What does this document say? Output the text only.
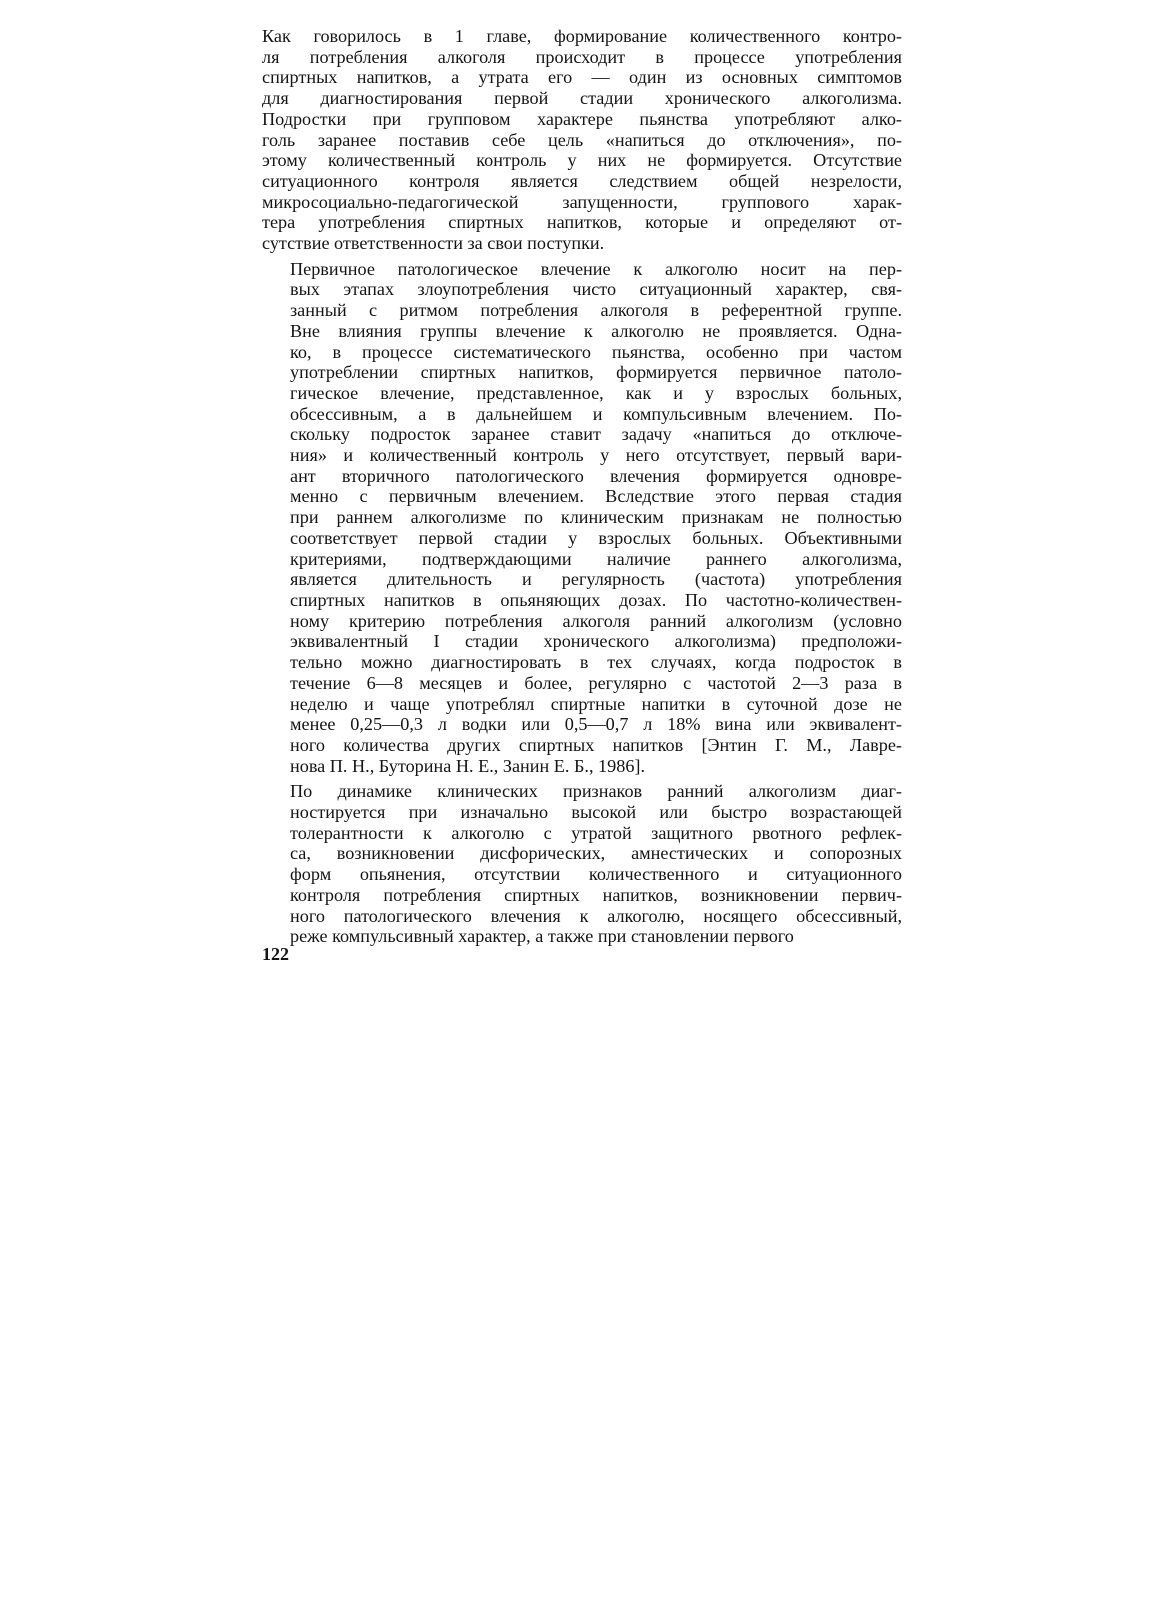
Как говорилось в 1 главе, формирование количественного контро-
ля потребления алкоголя происходит в процессе употребления
спиртных напитков, а утрата его — один из основных симптомов
для диагностирования первой стадии хронического алкоголизма.
Подростки при групповом характере пьянства употребляют алко-
голь заранее поставив себе цель «напиться до отключения», по-
этому количественный контроль у них не формируется. Отсутствие
ситуационного контроля является следствием общей незрелости,
микросоциально-педагогической запущенности, группового харак-
тера употребления спиртных напитков, которые и определяют от-
сутствие ответственности за свои поступки.
Первичное патологическое влечение к алкоголю носит на пер-
вых этапах злоупотребления чисто ситуационный характер, свя-
занный с ритмом потребления алкоголя в референтной группе.
Вне влияния группы влечение к алкоголю не проявляется. Одна-
ко, в процессе систематического пьянства, особенно при частом
употреблении спиртных напитков, формируется первичное патоло-
гическое влечение, представленное, как и у взрослых больных,
обсессивным, а в дальнейшем и компульсивным влечением. По-
скольку подросток заранее ставит задачу «напиться до отключе-
ния» и количественный контроль у него отсутствует, первый вари-
ант вторичного патологического влечения формируется одновре-
менно с первичным влечением. Вследствие этого первая стадия
при раннем алкоголизме по клиническим признакам не полностью
соответствует первой стадии у взрослых больных. Объективными
критериями, подтверждающими наличие раннего алкоголизма,
является длительность и регулярность (частота) употребления
спиртных напитков в опьяняющих дозах. По частотно-количествен-
ному критерию потребления алкоголя ранний алкоголизм (условно
эквивалентный I стадии хронического алкоголизма) предположи-
тельно можно диагностировать в тех случаях, когда подросток в
течение 6—8 месяцев и более, регулярно с частотой 2—3 раза в
неделю и чаще употреблял спиртные напитки в суточной дозе не
менее 0,25—0,3 л водки или 0,5—0,7 л 18% вина или эквивалент-
ного количества других спиртных напитков [Энтин Г. М., Лавре-
нова П. Н., Буторина Н. Е., Занин Е. Б., 1986].
По динамике клинических признаков ранний алкоголизм диаг-
ностируется при изначально высокой или быстро возрастающей
толерантности к алкоголю с утратой защитного рвотного рефлек-
са, возникновении дисфорических, амнестических и сопорозных
форм опьянения, отсутствии количественного и ситуационного
контроля потребления спиртных напитков, возникновении первич-
ного патологического влечения к алкоголю, носящего обсессивный,
реже компульсивный характер, а также при становлении первого
122
